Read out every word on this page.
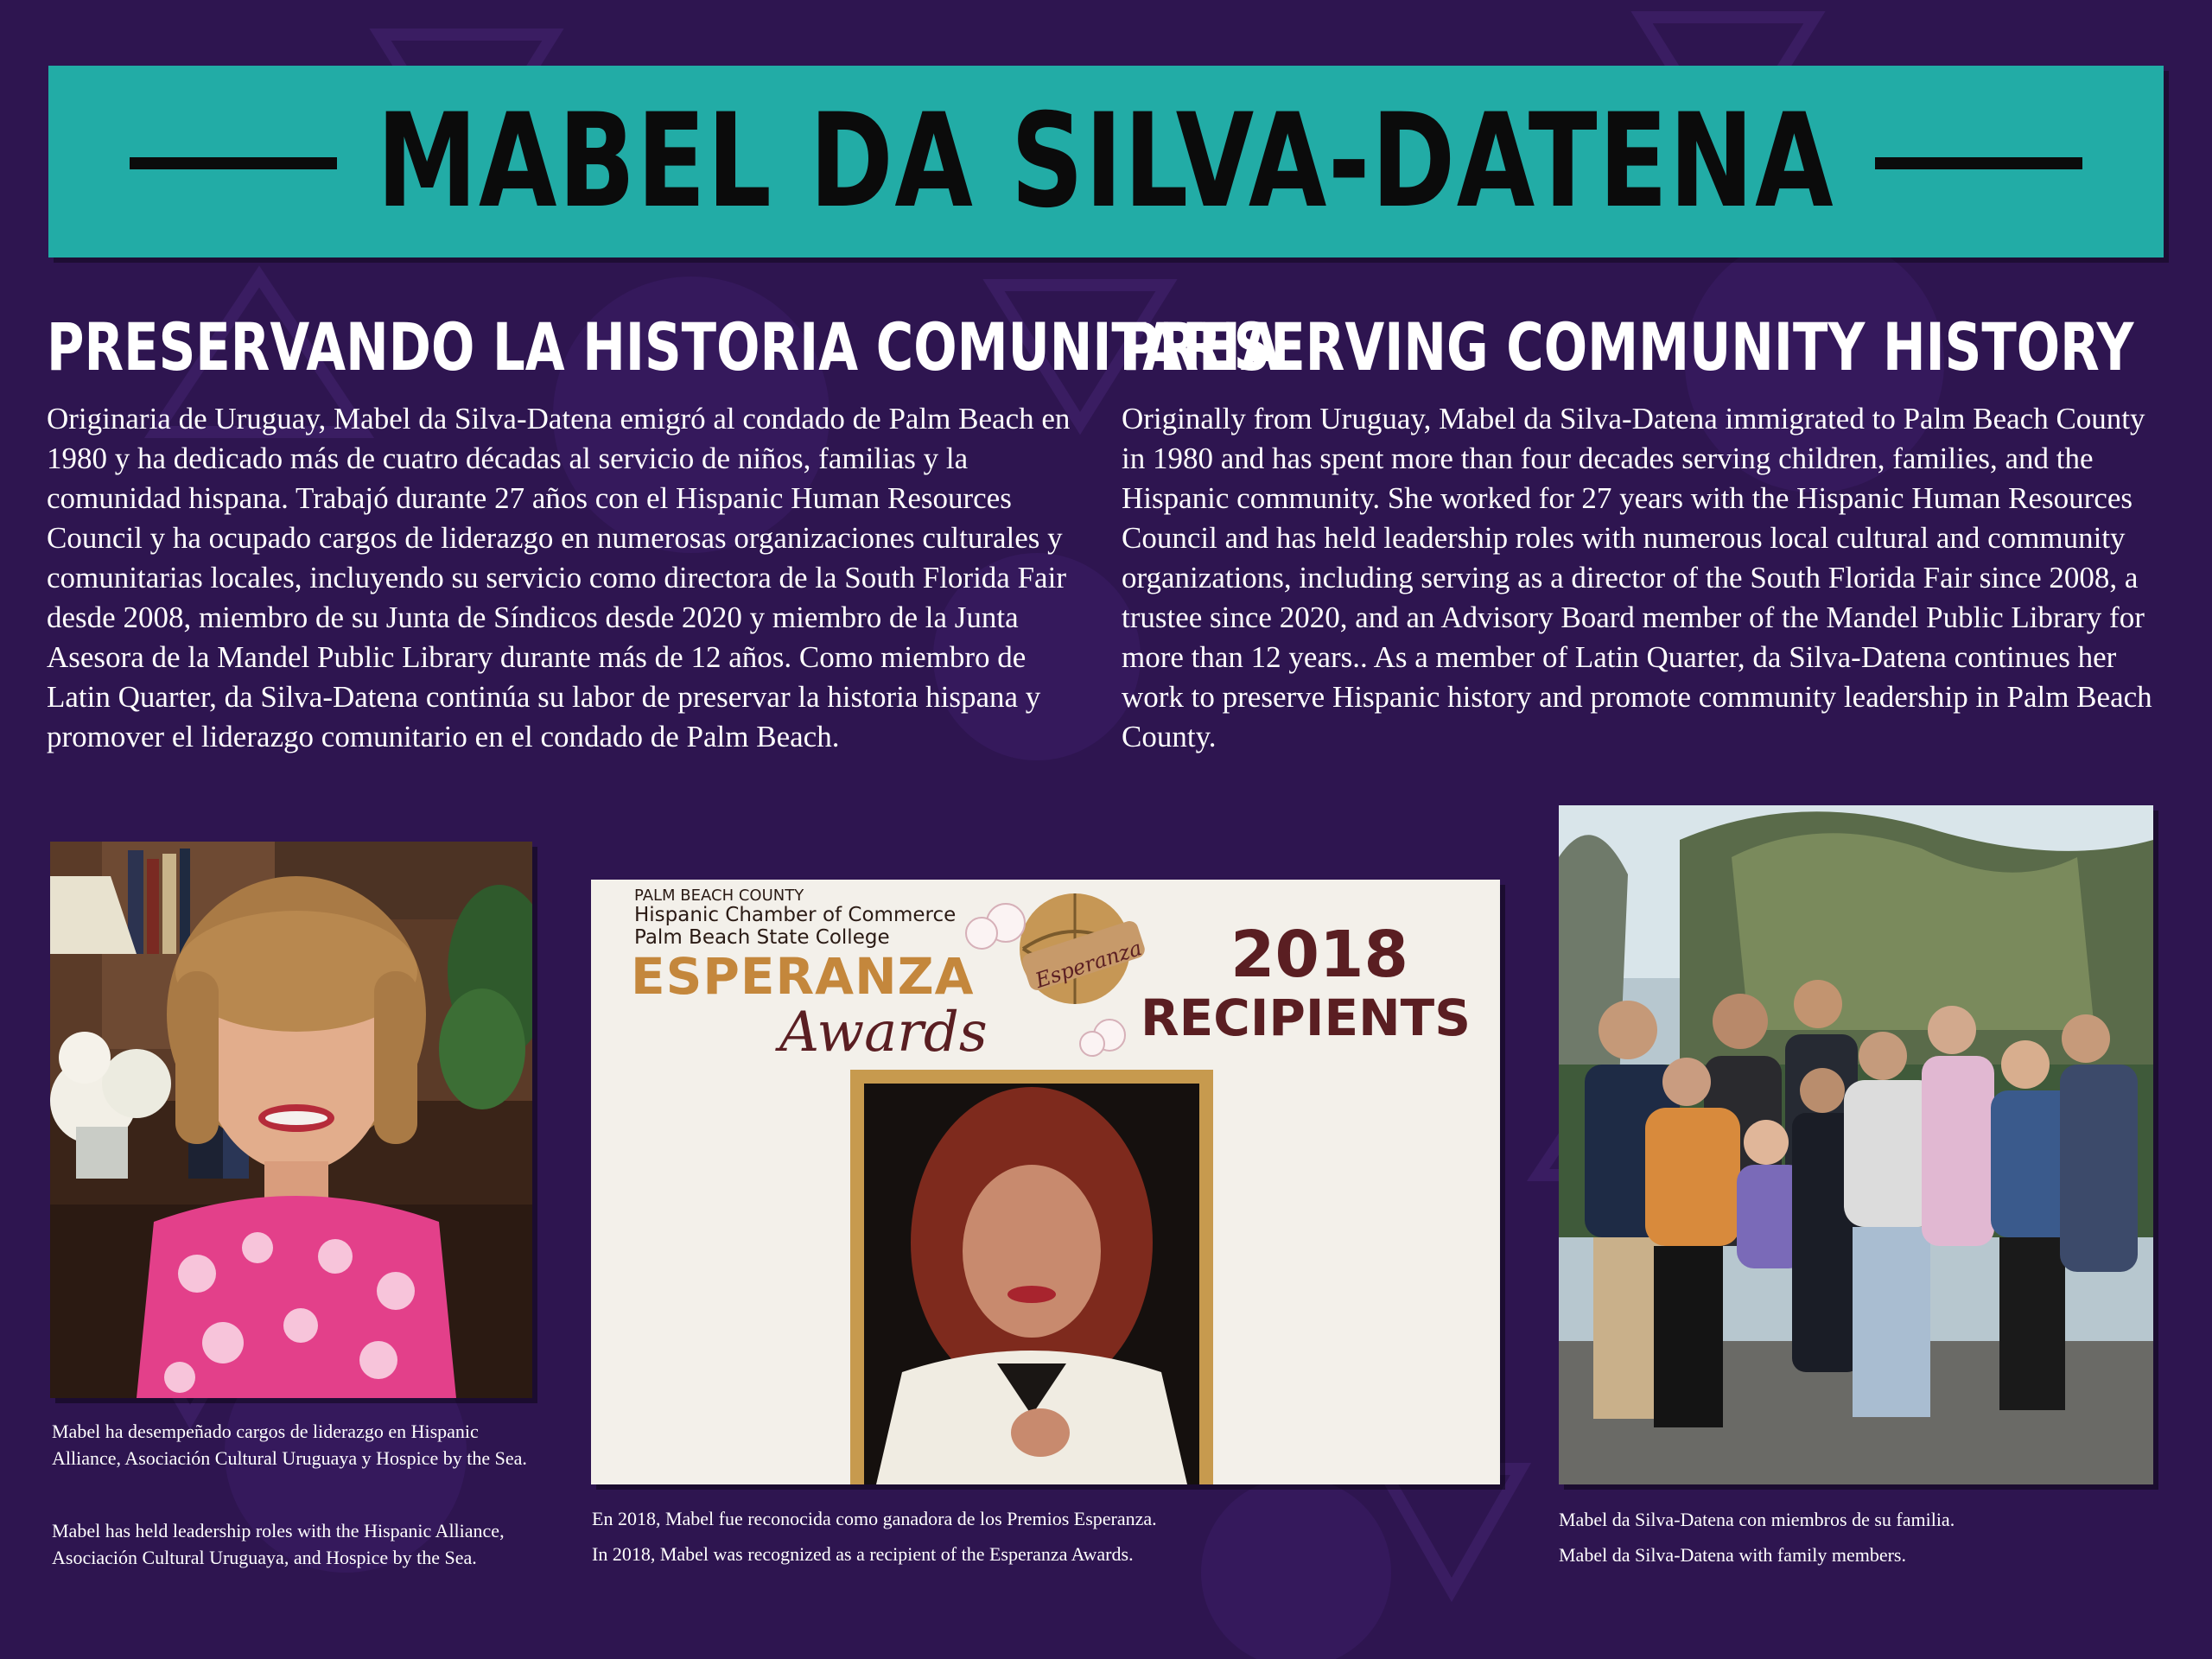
MABEL DA SILVA-DATENA
PRESERVANDO LA HISTORIA COMUNITARIA
PRESERVING COMMUNITY HISTORY

Originaria de Uruguay, Mabel da Silva-Datena emigró al condado de Palm Beach en 1980 y ha dedicado más de cuatro décadas al servicio de niños, familias y la comunidad hispana. Trabajó durante 27 años con el Hispanic Human Resources Council y ha ocupado cargos de liderazgo en numerosas organizaciones culturales y comunitarias locales, incluyendo su servicio como directora de la South Florida Fair desde 2008, miembro de su Junta de Síndicos desde 2020 y miembro de la Junta Asesora de la Mandel Public Library durante más de 12 años. Como miembro de Latin Quarter, da Silva-Datena continúa su labor de preservar la historia hispana y promover el liderazgo comunitario en el condado de Palm Beach.

Originally from Uruguay, Mabel da Silva-Datena immigrated to Palm Beach County in 1980 and has spent more than four decades serving children, families, and the Hispanic community. She worked for 27 years with the Hispanic Human Resources Council and has held leadership roles with numerous local cultural and community organizations, including serving as a director of the South Florida Fair since 2008, a trustee since 2020, and an Advisory Board member of the Mandel Public Library for more than 12 years.. As a member of Latin Quarter, da Silva-Datena continues her work to preserve Hispanic history and promote community leadership in Palm Beach County.

PALM BEACH COUNTY
Hispanic Chamber of Commerce
Palm Beach State College
ESPERANZA
Awards
Esperanza 2018
RECIPIENTS

Mabel ha desempeñado cargos de liderazgo en Hispanic Alliance, Asociación Cultural Uruguaya y Hospice by the Sea.

Mabel has held leadership roles with the Hispanic Alliance, Asociación Cultural Uruguaya, and Hospice by the Sea.

En 2018, Mabel fue reconocida como ganadora de los Premios Esperanza.

In 2018, Mabel was recognized as a recipient of the Esperanza Awards.

Mabel da Silva-Datena con miembros de su familia.

Mabel da Silva-Datena with family members.
